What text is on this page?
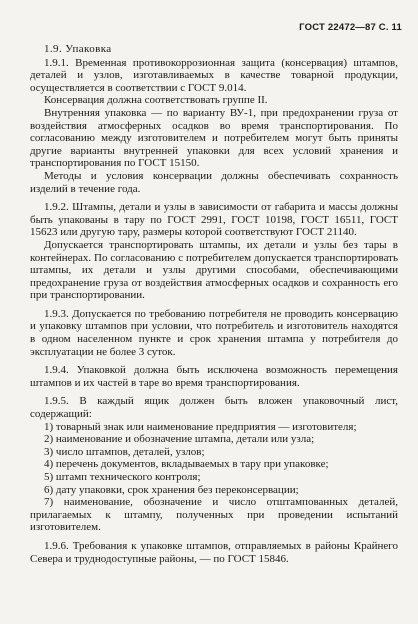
ГОСТ 22472—87 С. 11

1.9. Упаковка

1.9.1. Временная противокоррозионная защита (консервация) штампов, деталей и узлов, изготавливаемых в качестве товарной продукции, осуществляется в соответствии с ГОСТ 9.014.

Консервация должна соответствовать группе II.

Внутренняя упаковка — по варианту ВУ-1, при предохранении груза от воздействия атмосферных осадков во время транспортирования. По согласованию между изготовителем и потребителем могут быть приняты другие варианты внутренней упаковки для всех условий хранения и транспортирования по ГОСТ 15150.

Методы и условия консервации должны обеспечивать сохранность изделий в течение года.

1.9.2. Штампы, детали и узлы в зависимости от габарита и массы должны быть упакованы в тару по ГОСТ 2991, ГОСТ 10198, ГОСТ 16511, ГОСТ 15623 или другую тару, размеры которой соответствуют ГОСТ 21140.

Допускается транспортировать штампы, их детали и узлы без тары в контейнерах. По согласованию с потребителем допускается транспортировать штампы, их детали и узлы другими способами, обеспечивающими предохранение груза от воздействия атмосферных осадков и сохранность его при транспортировании.

1.9.3. Допускается по требованию потребителя не проводить консервацию и упаковку штампов при условии, что потребитель и изготовитель находятся в одном населенном пункте и срок хранения штампа у потребителя до эксплуатации не более 3 суток.

1.9.4. Упаковкой должна быть исключена возможность перемещения штампов и их частей в таре во время транспортирования.

1.9.5. В каждый ящик должен быть вложен упаковочный лист, содержащий:

1) товарный знак или наименование предприятия — изготовителя;
2) наименование и обозначение штампа, детали или узла;
3) число штампов, деталей, узлов;
4) перечень документов, вкладываемых в тару при упаковке;
5) штамп технического контроля;
6) дату упаковки, срок хранения без переконсервации;
7) наименование, обозначение и число отштампованных деталей, прилагаемых к штампу, полученных при проведении испытаний изготовителем.

1.9.6. Требования к упаковке штампов, отправляемых в районы Крайнего Севера и труднодоступные районы, — по ГОСТ 15846.
